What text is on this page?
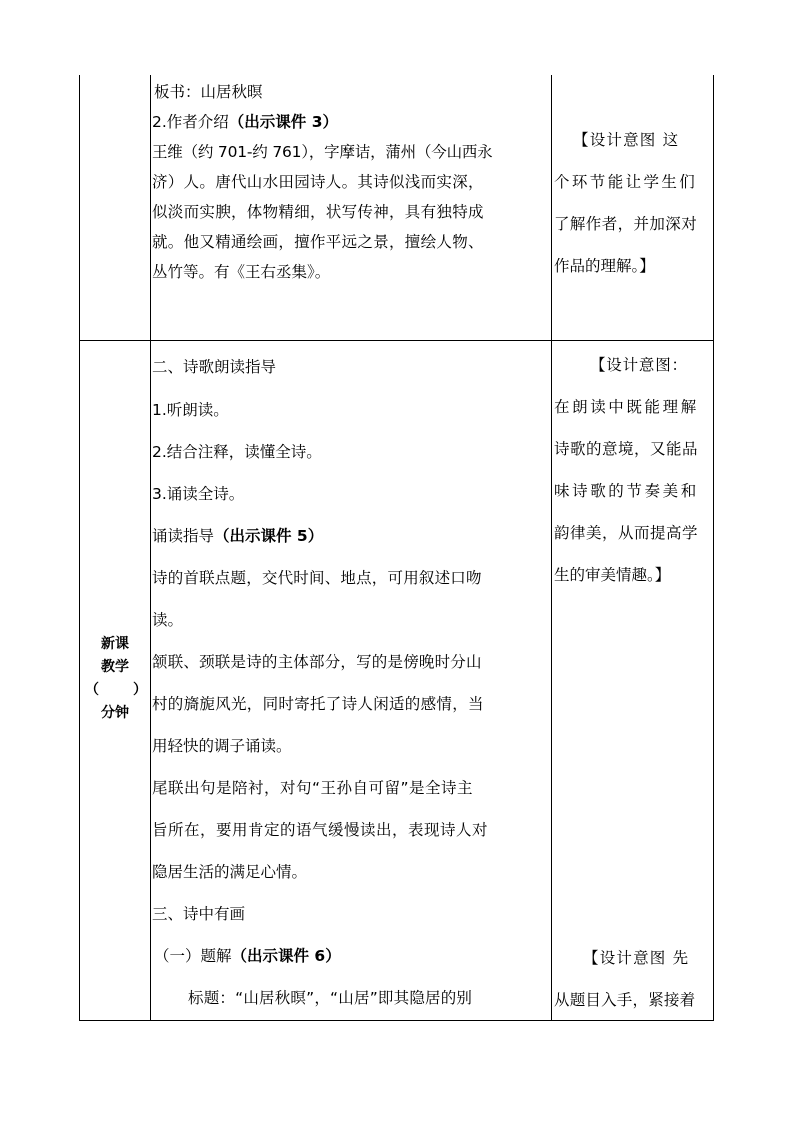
板书：山居秋暝
2.作者介绍（出示课件 3）
王维（约 701-约 761），字摩诘，蒲州（今山西永
济）人。唐代山水田园诗人。其诗似浅而实深，
似淡而实腴，体物精细，状写传神，具有独特成
就。他又精通绘画，擅作平远之景，擅绘人物、
丛竹等。有《王右丞集》。
【设计意图 这
个环节能让学生们
了解作者，并加深对
作品的理解。】
新课
教学
（ ）
分钟
二、诗歌朗读指导
1.听朗读。
2.结合注释，读懂全诗。
3.诵读全诗。
诵读指导（出示课件 5）
诗的首联点题，交代时间、地点，可用叙述口吻
读。
颔联、颈联是诗的主体部分，写的是傍晚时分山
村的旖旎风光，同时寄托了诗人闲适的感情，当
用轻快的调子诵读。
尾联出句是陪衬，对句“王孙自可留”是全诗主
旨所在，要用肯定的语气缓慢读出，表现诗人对
隐居生活的满足心情。
三、诗中有画
（一）题解（出示课件 6）
标题：“山居秋暝”，“山居”即其隐居的别
【设计意图：
在朗读中既能理解
诗歌的意境，又能品
味诗歌的节奏美和
韵律美，从而提高学
生的审美情趣。】
【设计意图 先
从题目入手，紧接着
